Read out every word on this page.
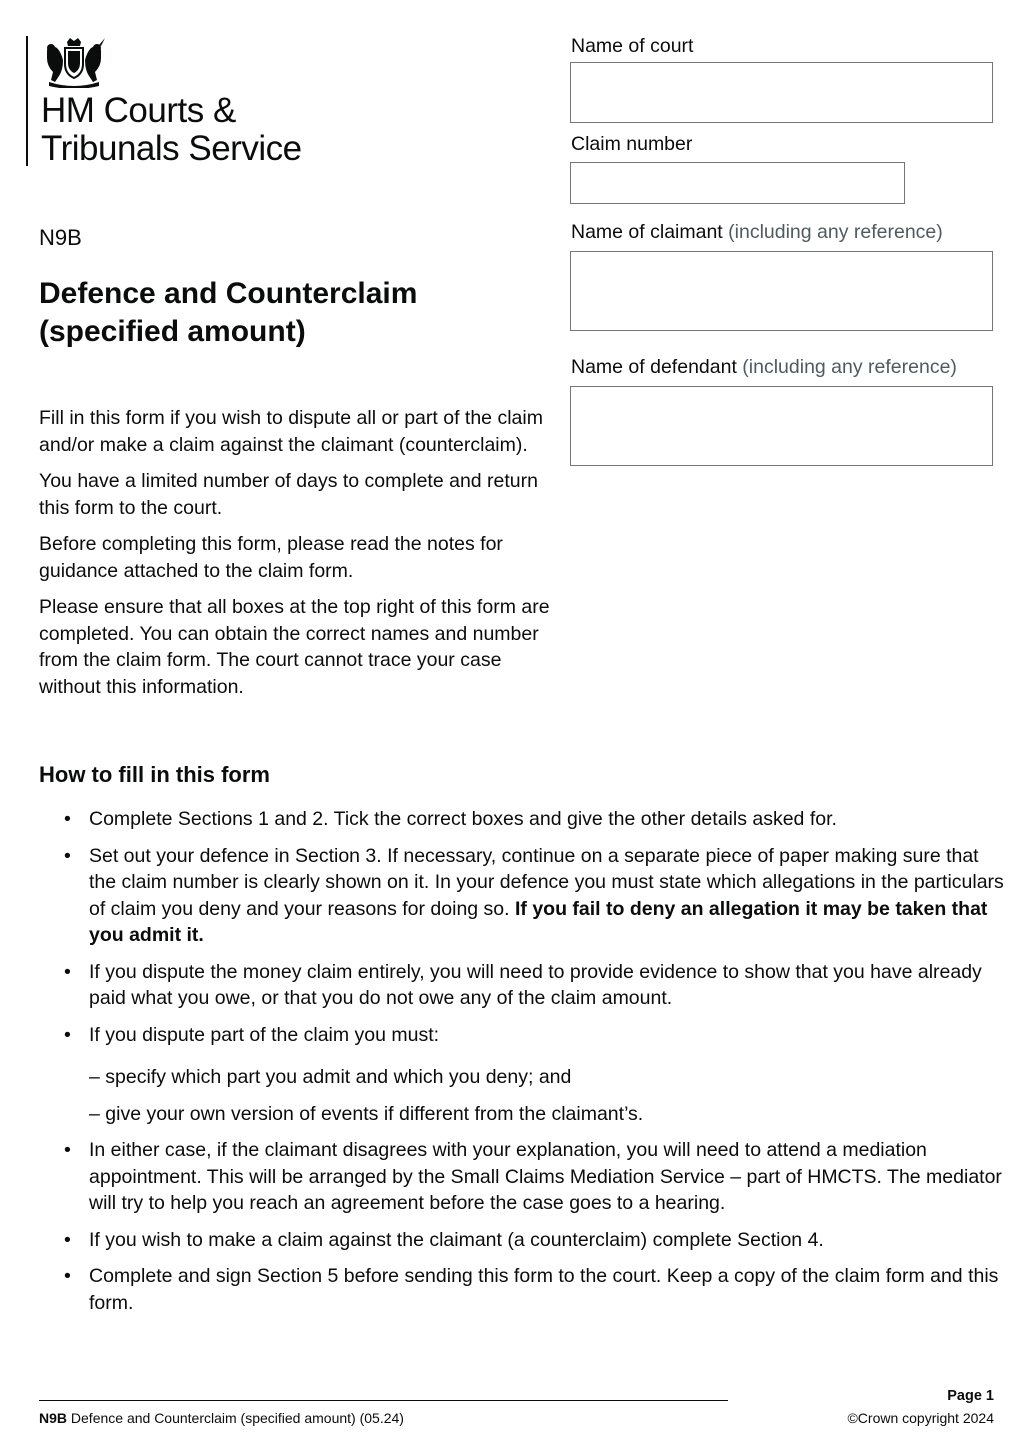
HM Courts &
Tribunals Service
N9B
Defence and Counterclaim
(specified amount)

Fill in this form if you wish to dispute all or part of the claim and/or make a claim against the claimant (counterclaim).

You have a limited number of days to complete and return this form to the court.

Before completing this form, please read the notes for guidance attached to the claim form.

Please ensure that all boxes at the top right of this form are completed. You can obtain the correct names and number from the claim form. The court cannot trace your case without this information.

Name of court
Claim number
Name of claimant (including any reference)
Name of defendant (including any reference)
How to fill in this form
• Complete Sections 1 and 2. Tick the correct boxes and give the other details asked for.
• Set out your defence in Section 3. If necessary, continue on a separate piece of paper making sure that the claim number is clearly shown on it. In your defence you must state which allegations in the particulars of claim you deny and your reasons for doing so. If you fail to deny an allegation it may be taken that you admit it.
• If you dispute the money claim entirely, you will need to provide evidence to show that you have already paid what you owe, or that you do not owe any of the claim amount.
• If you dispute part of the claim you must:
– specify which part you admit and which you deny; and
– give your own version of events if different from the claimant’s.
• In either case, if the claimant disagrees with your explanation, you will need to attend a mediation appointment. This will be arranged by the Small Claims Mediation Service – part of HMCTS. The mediator will try to help you reach an agreement before the case goes to a hearing.
• If you wish to make a claim against the claimant (a counterclaim) complete Section 4.
• Complete and sign Section 5 before sending this form to the court. Keep a copy of the claim form and this form.
N9B Defence and Counterclaim (specified amount) (05.24)
Page 1
©Crown copyright 2024
